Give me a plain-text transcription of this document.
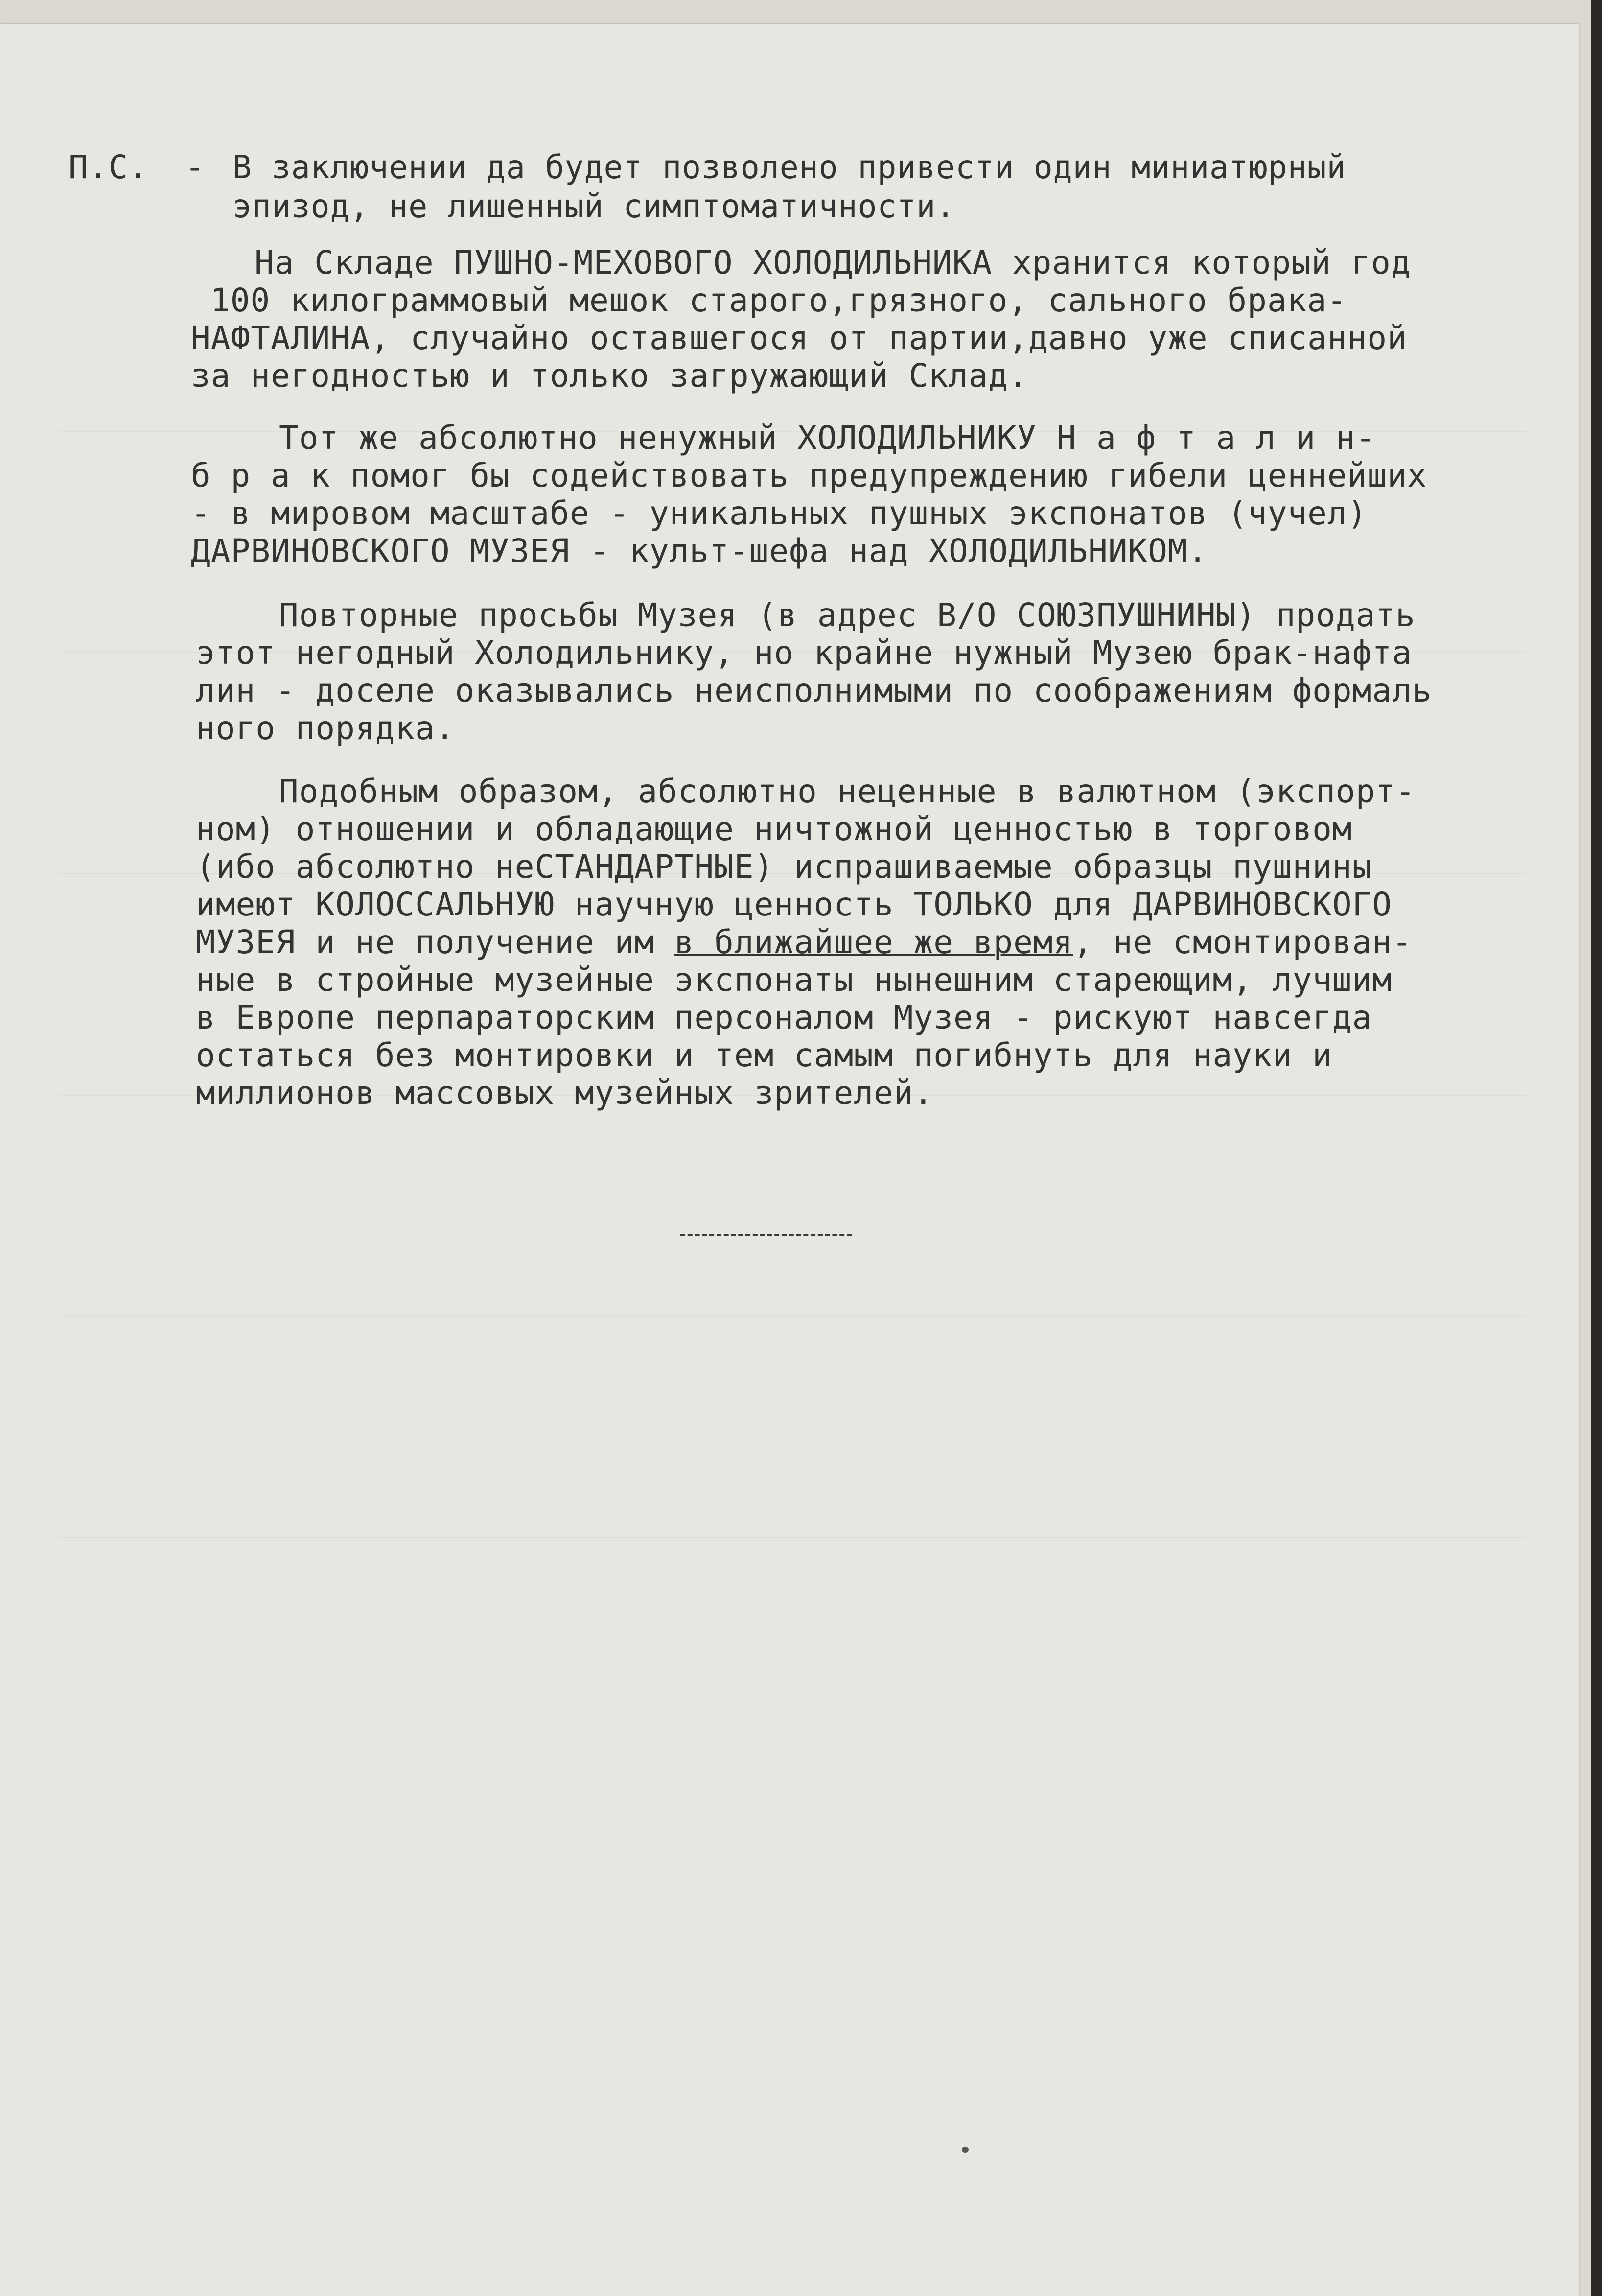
П.С. - В заключении да будет позволено привести один миниатюрный
эпизод, не лишенный симптоматичности.
На Складе ПУШНО-МЕХОВОГО ХОЛОДИЛЬНИКА хранится который год
100 килограммовый мешок старого,грязного, сального брака-
НАФТАЛИНА, случайно оставшегося от партии,давно уже списанной
за негодностью и только загружающий Склад.
Тот же абсолютно ненужный ХОЛОДИЛЬНИКУ Н а ф т а л и н-
б р а к помог бы содействовать предупреждению гибели ценнейших
- в мировом масштабе - уникальных пушных экспонатов (чучел)
ДАРВИНОВСКОГО МУЗЕЯ - культ-шефа над ХОЛОДИЛЬНИКОМ.
Повторные просьбы Музея (в адрес В/О СОЮЗПУШНИНЫ) продать
этот негодный Холодильнику, но крайне нужный Музею брак-нафта
лин - доселе оказывались неисполнимыми по соображениям формаль
ного порядка.
Подобным образом, абсолютно неценные в валютном (экспорт-
ном) отношении и обладающие ничтожной ценностью в торговом
(ибо абсолютно неСТАНДАРТНЫЕ) испрашиваемые образцы пушнины
имеют КОЛОССАЛЬНУЮ научную ценность ТОЛЬКО для ДАРВИНОВСКОГО
МУЗЕЯ и не получение им в ближайшее же время, не смонтирован-
ные в стройные музейные экспонаты нынешним стареющим, лучшим
в Европе перпараторским персоналом Музея - рискуют навсегда
остаться без монтировки и тем самым погибнуть для науки и
миллионов массовых музейных зрителей.
